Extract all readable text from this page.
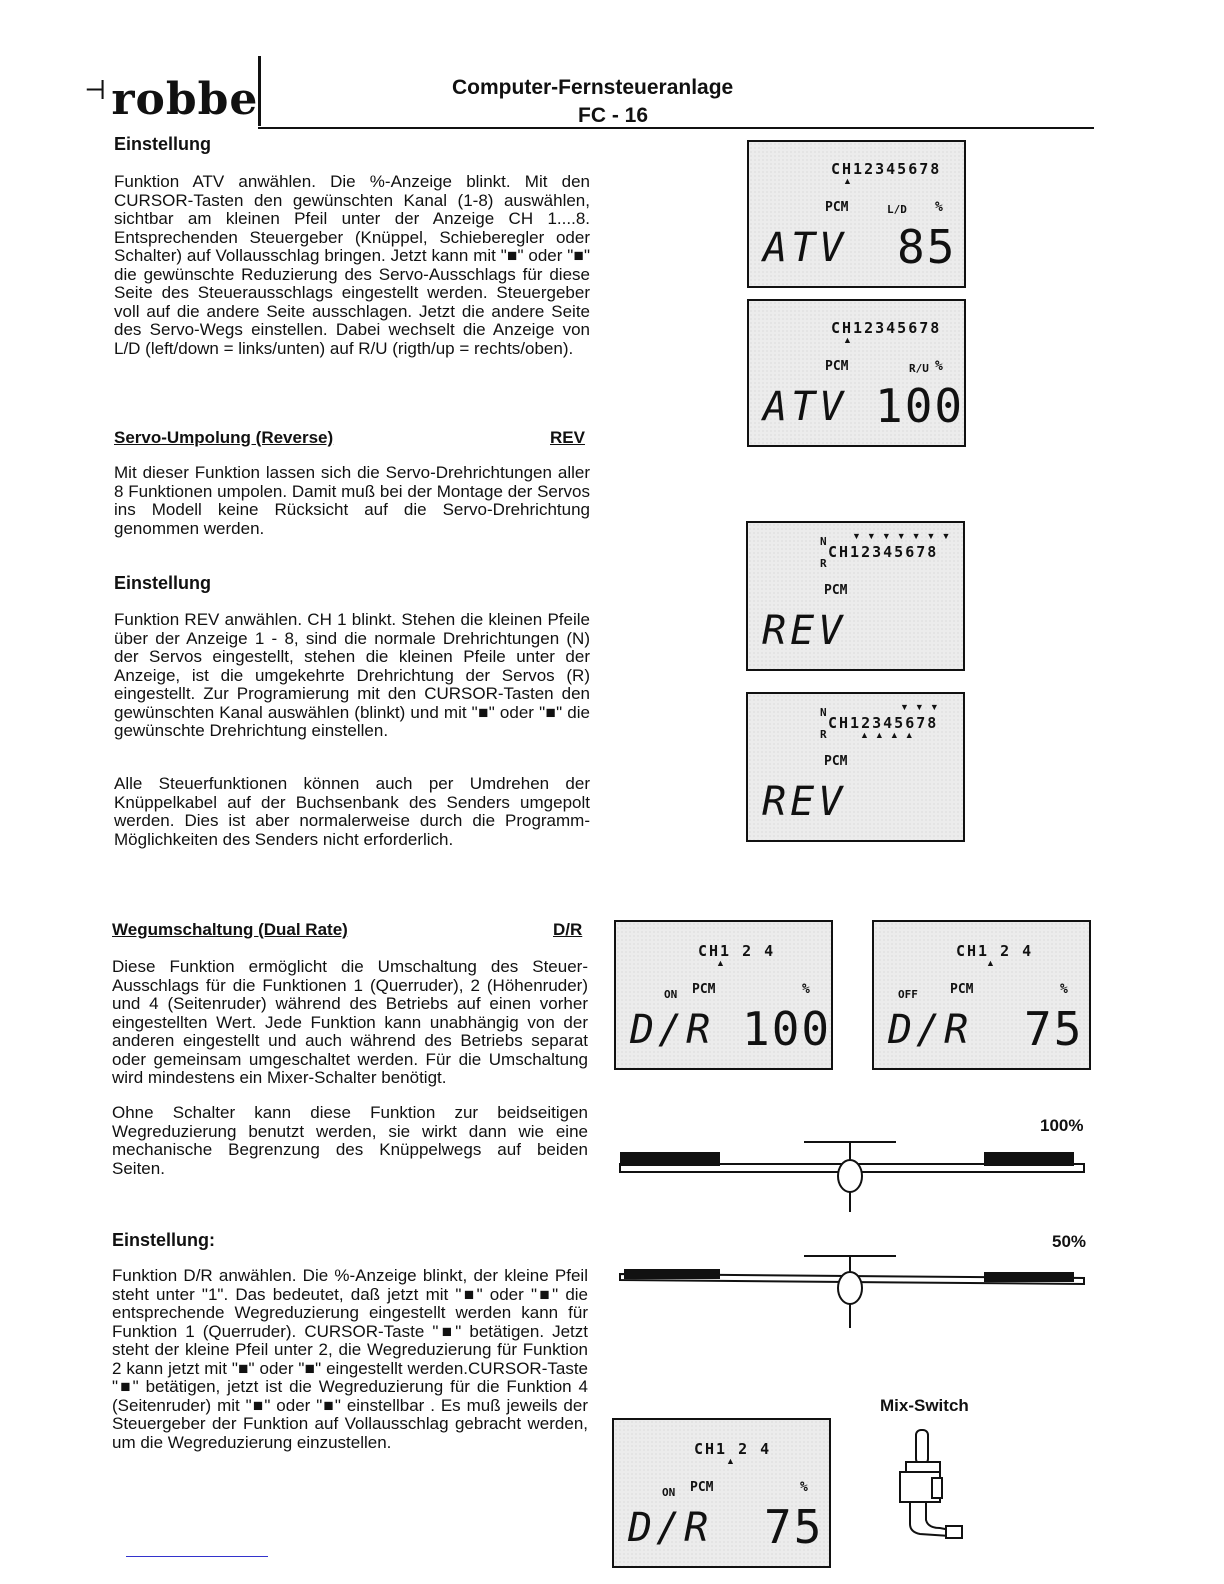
⊣robbe	Computer-Fernsteueranlage
FC - 16
Einstellung
Funktion ATV anwählen. Die %-Anzeige blinkt. Mit den CURSOR-Tasten den gewünschten Kanal (1-8) auswählen, sichtbar am kleinen Pfeil unter der Anzeige CH 1....8. Entsprechenden Steuergeber (Knüppel, Schieberegler oder Schalter) auf Vollausschlag bringen. Jetzt kann mit "■" oder "■" die gewünschte Reduzierung des Servo-Ausschlags für diese Seite des Steuerausschlags eingestellt werden. Steuergeber voll auf die andere Seite ausschlagen. Jetzt die andere Seite des Servo-Wegs einstellen. Dabei wechselt die Anzeige von L/D (left/down = links/unten) auf R/U (rigth/up = rechts/oben).
Servo-Umpolung (Reverse)	REV
Mit dieser Funktion lassen sich die Servo-Drehrichtungen aller 8 Funktionen umpolen. Damit muß bei der Montage der Servos ins Modell keine Rücksicht auf die Servo-Drehrichtung genommen werden.
Einstellung
Funktion REV anwählen. CH 1 blinkt. Stehen die kleinen Pfeile über der Anzeige 1 - 8, sind die normale Drehrichtungen (N) der Servos eingestellt, stehen die kleinen Pfeile unter der Anzeige, ist die umgekehrte Drehrichtung der Servos (R) eingestellt. Zur Programierung mit den CURSOR-Tasten den gewünschten Kanal auswählen (blinkt) und mit "■" oder "■" die gewünschte Drehrichtung einstellen.
Alle Steuerfunktionen können auch per Umdrehen der Knüppelkabel auf der Buchsenbank des Senders umgepolt werden. Dies ist aber normalerweise durch die Programm-Möglichkeiten des Senders nicht erforderlich.
Wegumschaltung (Dual Rate)	D/R
Diese Funktion ermöglicht die Umschaltung des Steuer-Ausschlags für die Funktionen 1 (Querruder), 2 (Höhenruder) und 4 (Seitenruder) während des Betriebs auf einen vorher eingestellten Wert. Jede Funktion kann unabhängig von der anderen eingestellt und auch während des Betriebs separat oder gemeinsam umgeschaltet werden. Für die Umschaltung wird mindestens ein Mixer-Schalter benötigt.
Ohne Schalter kann diese Funktion zur beidseitigen Wegreduzierung benutzt werden, sie wirkt dann wie eine mechanische Begrenzung des Knüppelwegs auf beiden Seiten.
Einstellung:
Funktion D/R anwählen. Die %-Anzeige blinkt, der kleine Pfeil steht unter "1". Das bedeutet, daß jetzt mit "■" oder "■" die entsprechende Wegreduzierung eingestellt werden kann für Funktion 1 (Querruder). CURSOR-Taste "■" betätigen. Jetzt steht der kleine Pfeil unter 2, die Wegreduzierung für Funktion 2 kann jetzt mit "■" oder "■" eingestellt werden.CURSOR-Taste "■" betätigen, jetzt ist die Wegreduzierung für die Funktion 4 (Seitenruder) mit "■" oder "■" einstellbar . Es muß jeweils der Steuergeber der Funktion auf Vollausschlag gebracht werden, um die Wegreduzierung einzustellen.
CH12345678
▲
PCM	L/D %
ATV 85
CH12345678
▲
PCM	R/U %
ATV 100
N	▼▼▼▼▼▼▼
CH12345678
R
PCM
REV
N	▼▼▼
CH12345678
R	▲▲▲▲
PCM
REV
CH1 2 4
▲
ON PCM	%
D/R 100
CH1 2 4
▲
OFF PCM	%
D/R 75
CH1 2 4
▲
ON PCM	%
D/R 75
100%
50%
Mix-Switch
